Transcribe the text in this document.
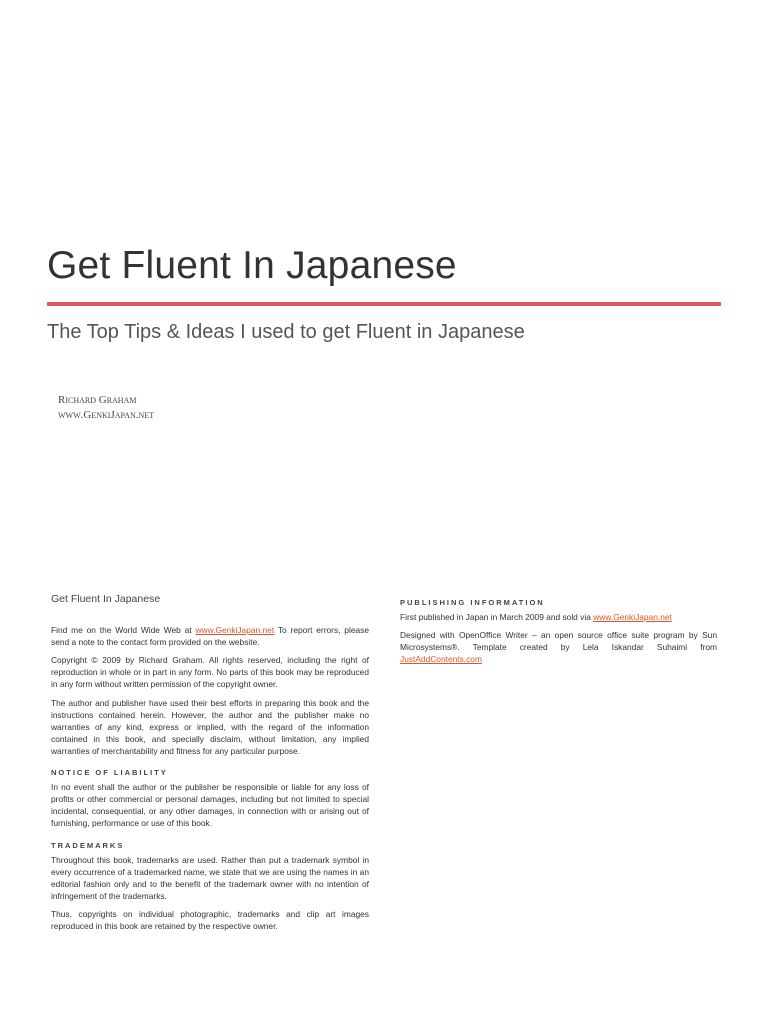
Get Fluent In Japanese
The Top Tips & Ideas I used to get Fluent in Japanese
Richard Graham
www.GenkiJapan.net
Get Fluent In Japanese

Find me on the World Wide Web at www.GenkiJapan.net To report errors, please send a note to the contact form provided on the website.

Copyright © 2009 by Richard Graham. All rights reserved, including the right of reproduction in whole or in part in any form. No parts of this book may be reproduced in any form without written permission of the copyright owner.

The author and publisher have used their best efforts in preparing this book and the instructions contained herein. However, the author and the publisher make no warranties of any kind, express or implied, with the regard of the information contained in this book, and specially disclaim, without limitation, any implied warranties of merchantability and fitness for any particular purpose.

NOTICE OF LIABILITY

In no event shall the author or the publisher be responsible or liable for any loss of profits or other commercial or personal damages, including but not limited to special incidental, consequential, or any other damages, in connection with or arising out of furnishing, performance or use of this book.

TRADEMARKS

Throughout this book, trademarks are used. Rather than put a trademark symbol in every occurrence of a trademarked name, we state that we are using the names in an editorial fashion only and to the benefit of the trademark owner with no intention of infringement of the trademarks.

Thus, copyrights on individual photographic, trademarks and clip art images reproduced in this book are retained by the respective owner.

PUBLISHING INFORMATION

First published in Japan in March 2009 and sold via www.GenkiJapan.net

Designed with OpenOffice Writer – an open source office suite program by Sun Microsystems®. Template created by Lela Iskandar Suhaimi from JustAddContents.com
